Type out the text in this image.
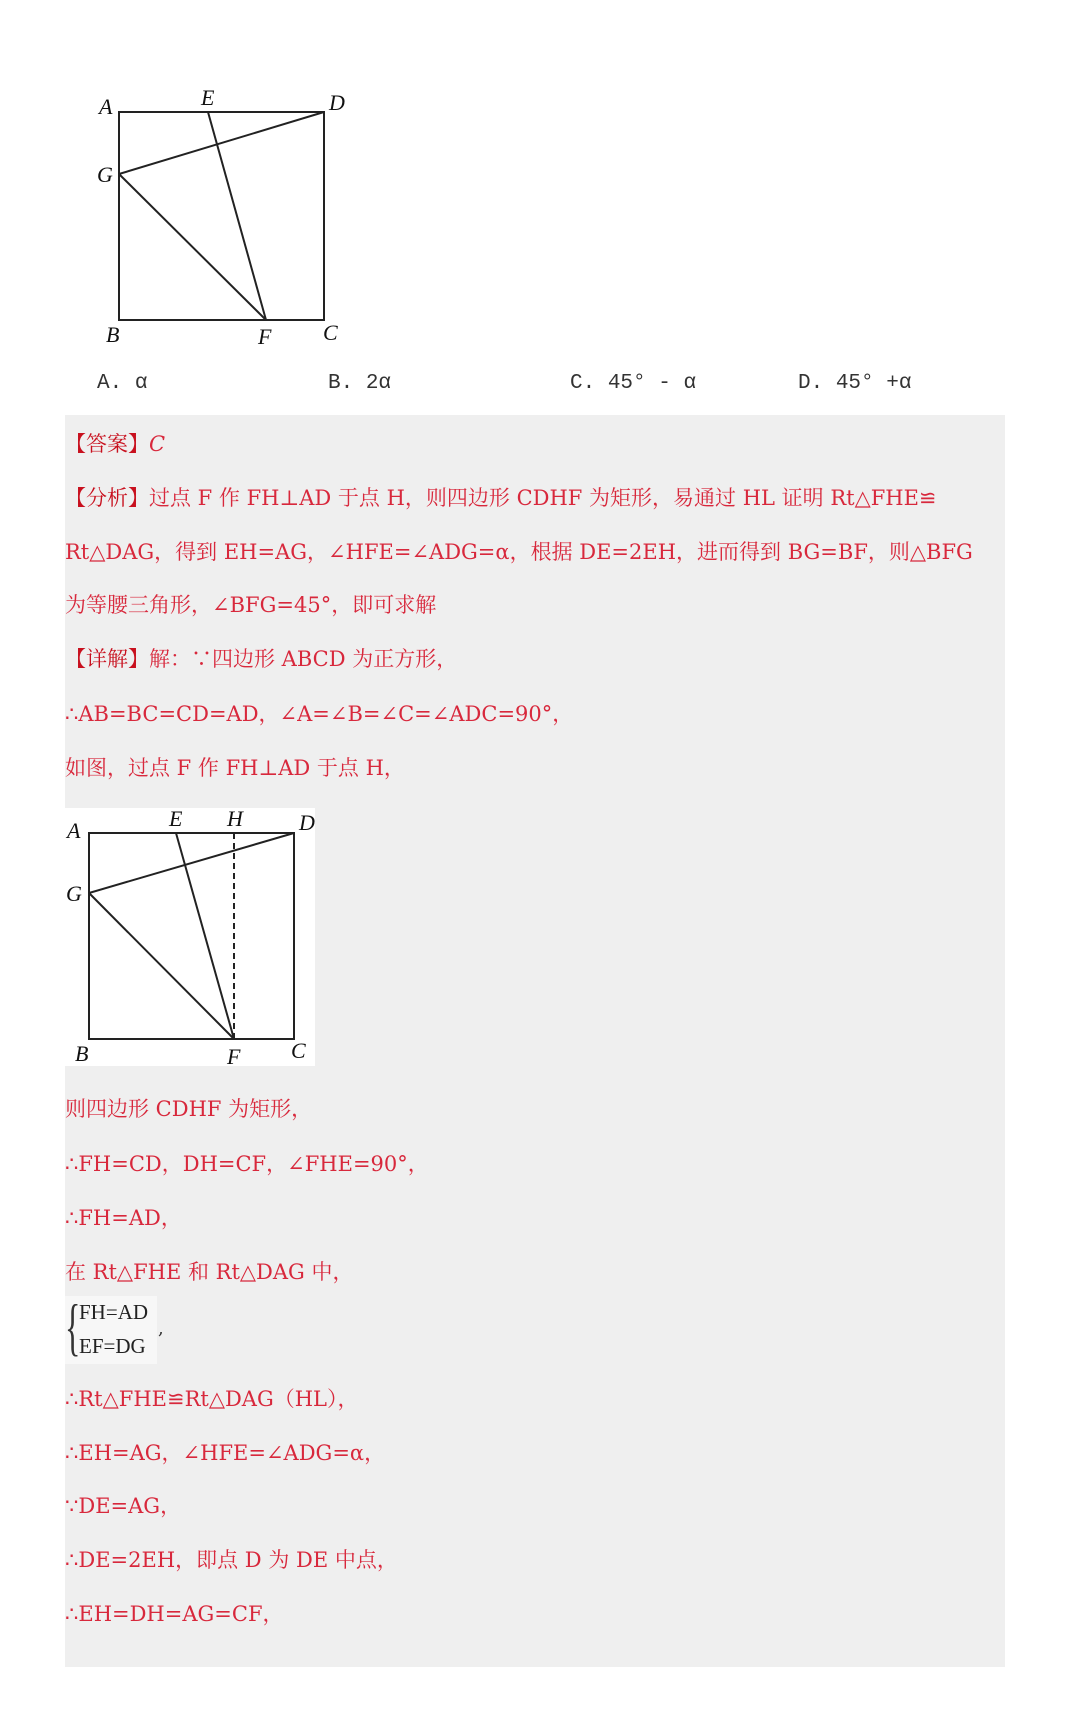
A	E	D
G
B	F C
A. α	B. 2α	C. 45° - α	D. 45° +α
【答案】C
【分析】过点 F 作 FH⊥AD 于点 H，则四边形 CDHF 为矩形，易通过 HL 证明 Rt△FHE≌
Rt△DAG，得到 EH=AG，∠HFE=∠ADG=α，根据 DE=2EH，进而得到 BG=BF，则△BFG
为等腰三角形，∠BFG=45°，即可求解
【详解】解：∵四边形 ABCD 为正方形，
∴AB=BC=CD=AD，∠A=∠B=∠C=∠ADC=90°，
如图，过点 F 作 FH⊥AD 于点 H，
A	E H	D
G
B	F C
则四边形 CDHF 为矩形，
∴FH=CD，DH=CF，∠FHE=90°，
∴FH=AD，
在 Rt△FHE 和 Rt△DAG 中，
{
FH=AD
EF=DG
,
∴Rt△FHE≌Rt△DAG（HL），
∴EH=AG，∠HFE=∠ADG=α，
∵DE=AG，
∴DE=2EH，即点 D 为 DE 中点，
∴EH=DH=AG=CF，
